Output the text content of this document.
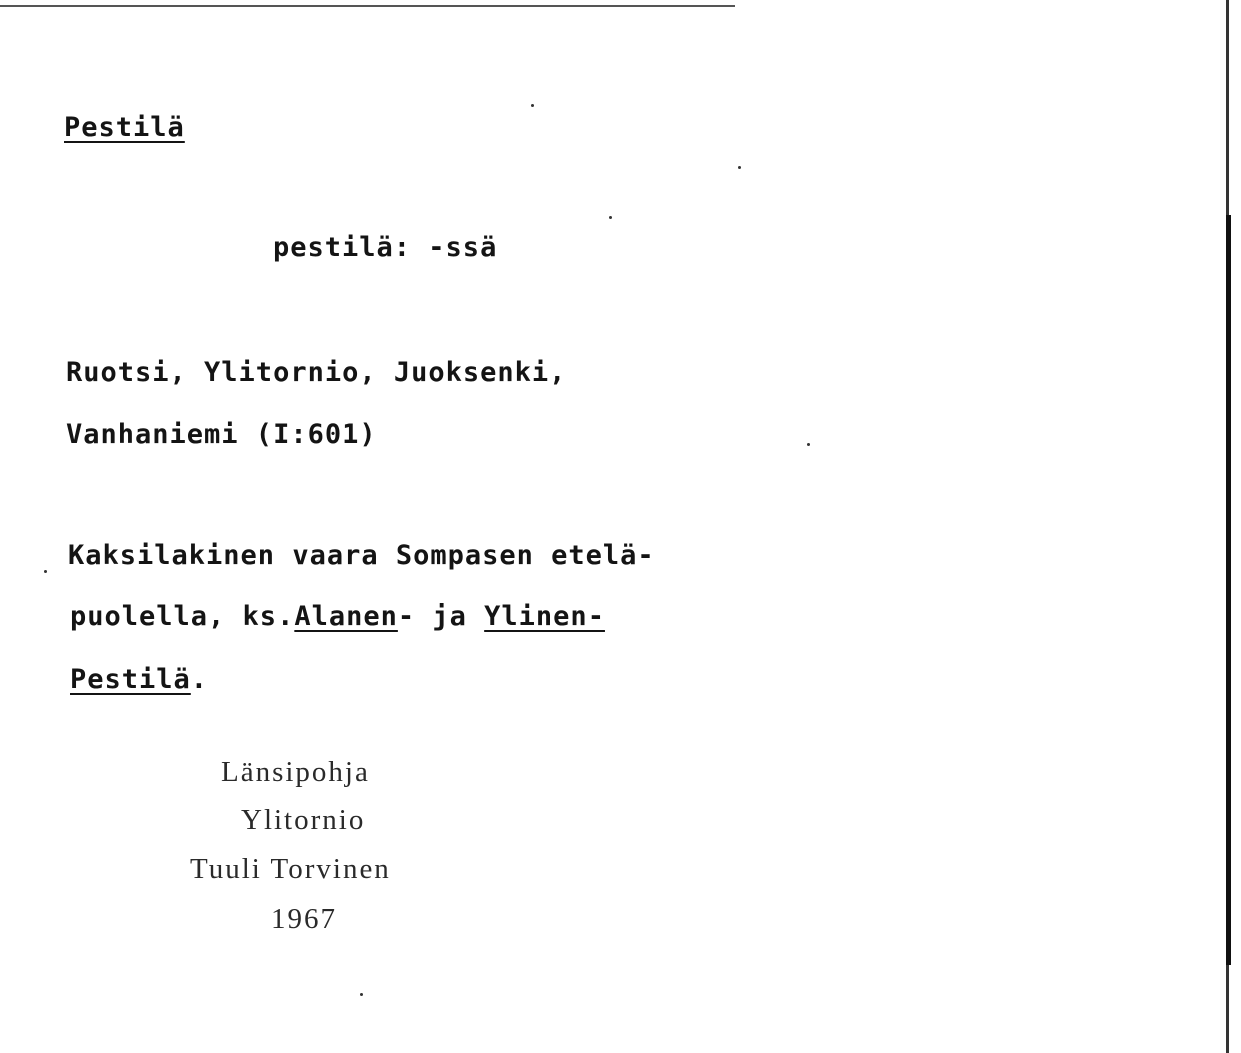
Pestilä
pestilä: -ssä
Ruotsi, Ylitornio, Juoksenki,
Vanhaniemi (I:601)
Kaksilakinen vaara Sompasen etelä-
puolella, ks.Alanen- ja Ylinen-
Pestilä.
Länsipohja
Ylitornio
Tuuli Torvinen
1967
